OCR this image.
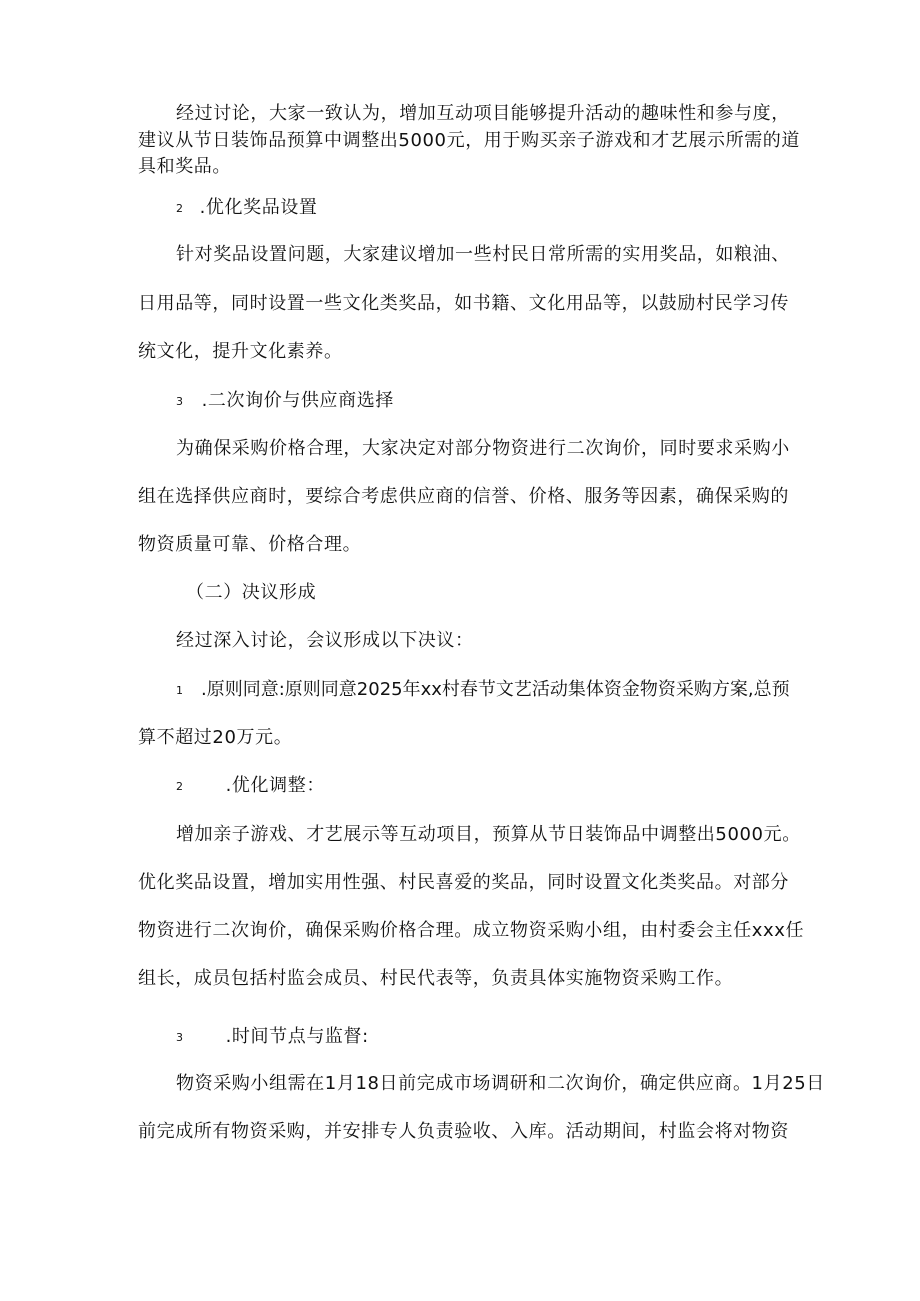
经过讨论，大家一致认为，增加互动项目能够提升活动的趣味性和参与度，
建议从节日装饰品预算中调整出5000元，用于购买亲子游戏和才艺展示所需的道
具和奖品。
2 .优化奖品设置
针对奖品设置问题，大家建议增加一些村民日常所需的实用奖品，如粮油、
日用品等，同时设置一些文化类奖品，如书籍、文化用品等，以鼓励村民学习传
统文化，提升文化素养。
3 .二次询价与供应商选择
为确保采购价格合理，大家决定对部分物资进行二次询价，同时要求采购小
组在选择供应商时，要综合考虑供应商的信誉、价格、服务等因素，确保采购的
物资质量可靠、价格合理。
（二）决议形成
经过深入讨论，会议形成以下决议：
1 .原则同意:原则同意2025年xx村春节文艺活动集体资金物资采购方案,总预
算不超过20万元。
2 .优化调整：
增加亲子游戏、才艺展示等互动项目，预算从节日装饰品中调整出5000元。
优化奖品设置，增加实用性强、村民喜爱的奖品，同时设置文化类奖品。对部分
物资进行二次询价，确保采购价格合理。成立物资采购小组，由村委会主任xxx任
组长，成员包括村监会成员、村民代表等，负责具体实施物资采购工作。
3 .时间节点与监督:
物资采购小组需在1月18日前完成市场调研和二次询价，确定供应商。1月25日
前完成所有物资采购，并安排专人负责验收、入库。活动期间，村监会将对物资
